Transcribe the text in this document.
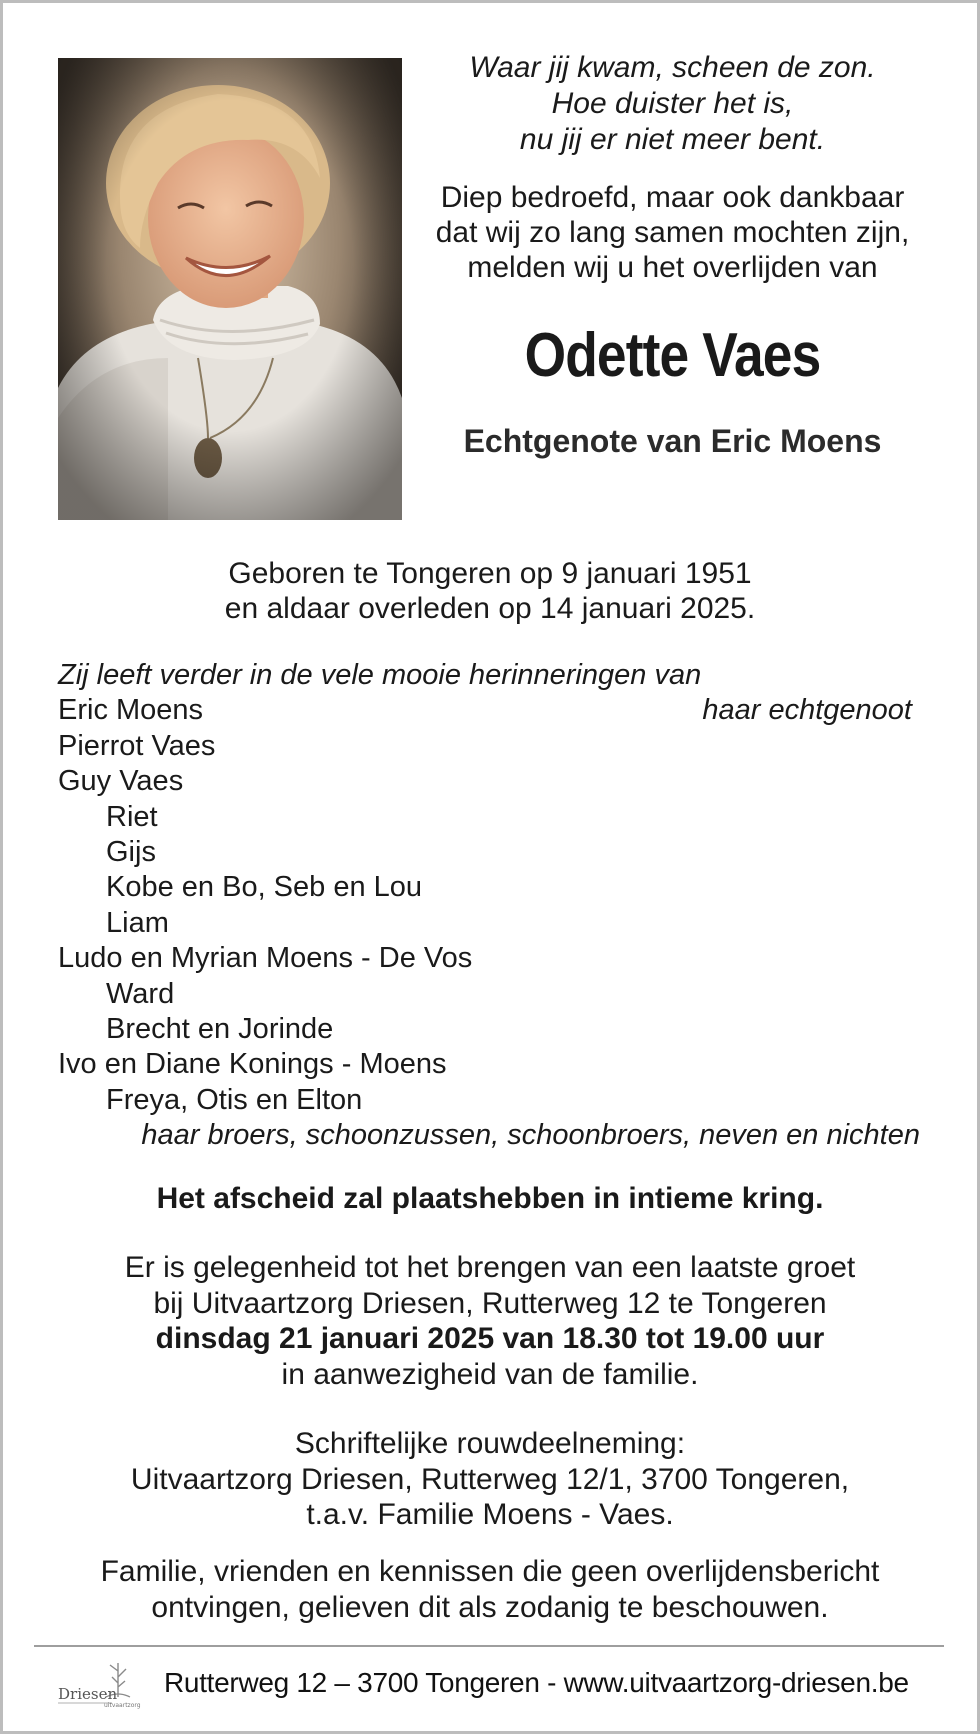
Waar jij kwam, scheen de zon.
Hoe duister het is,
nu jij er niet meer bent.

Diep bedroefd, maar ook dankbaar
dat wij zo lang samen mochten zijn,
melden wij u het overlijden van

Odette Vaes
Echtgenote van Eric Moens
Geboren te Tongeren op 9 januari 1951
en aldaar overleden op 14 januari 2025.
Zij leeft verder in de vele mooie herinneringen van
Eric Moens	haar echtgenoot
Pierrot Vaes
Guy Vaes
Riet
Gijs
Kobe en Bo, Seb en Lou
Liam
Ludo en Myrian Moens - De Vos
Ward
Brecht en Jorinde
Ivo en Diane Konings - Moens
Freya, Otis en Elton
haar broers, schoonzussen, schoonbroers, neven en nichten
Het afscheid zal plaatshebben in intieme kring.
Er is gelegenheid tot het brengen van een laatste groet
bij Uitvaartzorg Driesen, Rutterweg 12 te Tongeren
dinsdag 21 januari 2025 van 18.30 tot 19.00 uur
in aanwezigheid van de familie.
Schriftelijke rouwdeelneming:
Uitvaartzorg Driesen, Rutterweg 12/1, 3700 Tongeren,
t.a.v. Familie Moens - Vaes.
Familie, vrienden en kennissen die geen overlijdensbericht
ontvingen, gelieven dit als zodanig te beschouwen.
Driesen
uitvaartzorg
Rutterweg 12 – 3700 Tongeren - www.uitvaartzorg-driesen.be
